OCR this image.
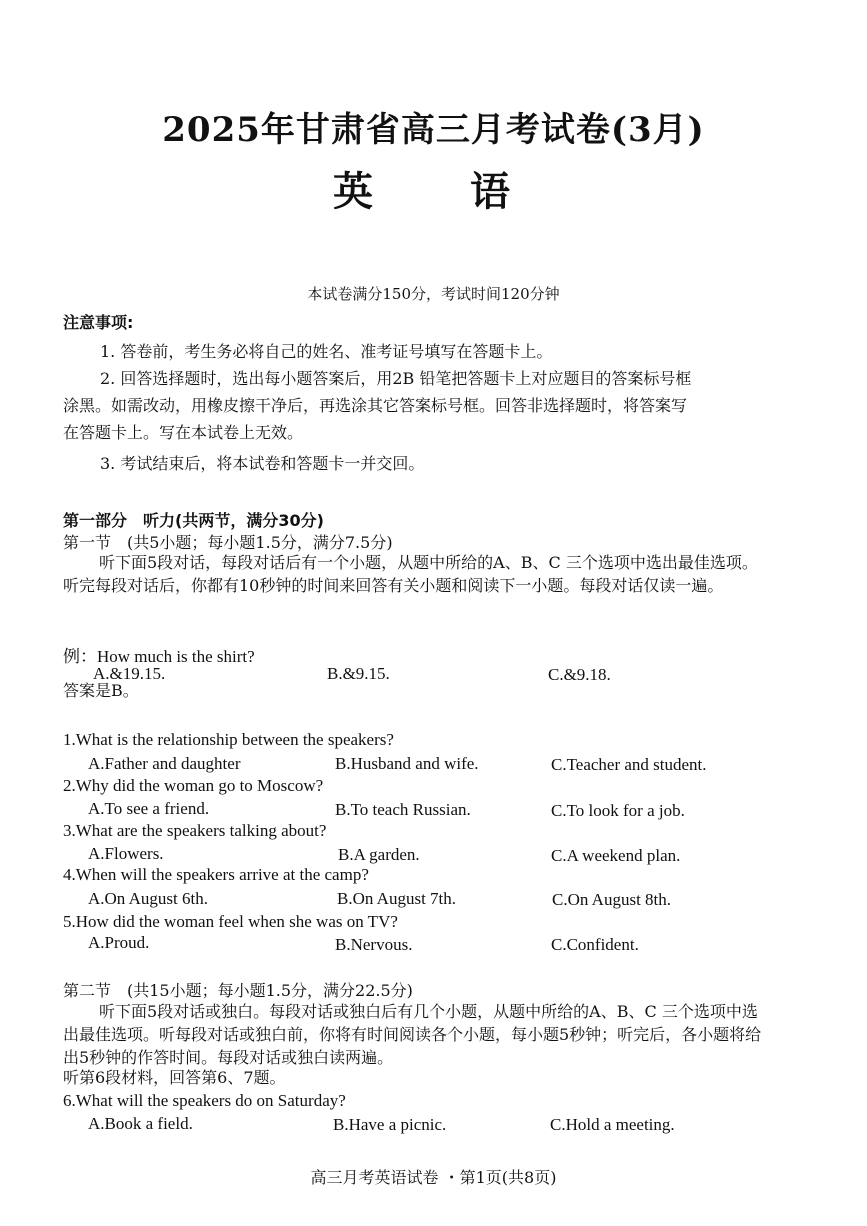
2025年甘肃省高三月考试卷(3月)
英 语
本试卷满分150分，考试时间120分钟
注意事项:
1. 答卷前，考生务必将自己的姓名、准考证号填写在答题卡上。
2. 回答选择题时，选出每小题答案后，用2B 铅笔把答题卡上对应题目的答案标号框
涂黑。如需改动，用橡皮擦干净后，再选涂其它答案标号框。回答非选择题时，将答案写
在答题卡上。写在本试卷上无效。
3. 考试结束后，将本试卷和答题卡一并交回。
第一部分　听力(共两节，满分30分)
第一节　(共5小题；每小题1.5分，满分7.5分)
听下面5段对话，每段对话后有一个小题，从题中所给的A、B、C 三个选项中选出最佳选项。听完每段对话后，你都有10秒钟的时间来回答有关小题和阅读下一小题。每段对话仅读一遍。
例：How much is the shirt?
A.&19.15.	B.&9.15.	C.&9.18.
答案是B。
1.What is the relationship between the speakers?
A.Father and daughter	B.Husband and wife.	C.Teacher and student.
2.Why did the woman go to Moscow?
A.To see a friend.	B.To teach Russian.	C.To look for a job.
3.What are the speakers talking about?
A.Flowers.	B.A garden.	C.A weekend plan.
4.When will the speakers arrive at the camp?
A.On August 6th.	B.On August 7th.	C.On August 8th.
5.How did the woman feel when she was on TV?
A.Proud.	B.Nervous.	C.Confident.
第二节　(共15小题；每小题1.5分，满分22.5分)
听下面5段对话或独白。每段对话或独白后有几个小题，从题中所给的A、B、C 三个选项中选出最佳选项。听每段对话或独白前，你将有时间阅读各个小题，每小题5秒钟；听完后，各小题将给出5秒钟的作答时间。每段对话或独白读两遍。
听第6段材料，回答第6、7题。
6.What will the speakers do on Saturday?
A.Book a field.	B.Have a picnic.	C.Hold a meeting.
高三月考英语试卷 ・第1页(共8页)
